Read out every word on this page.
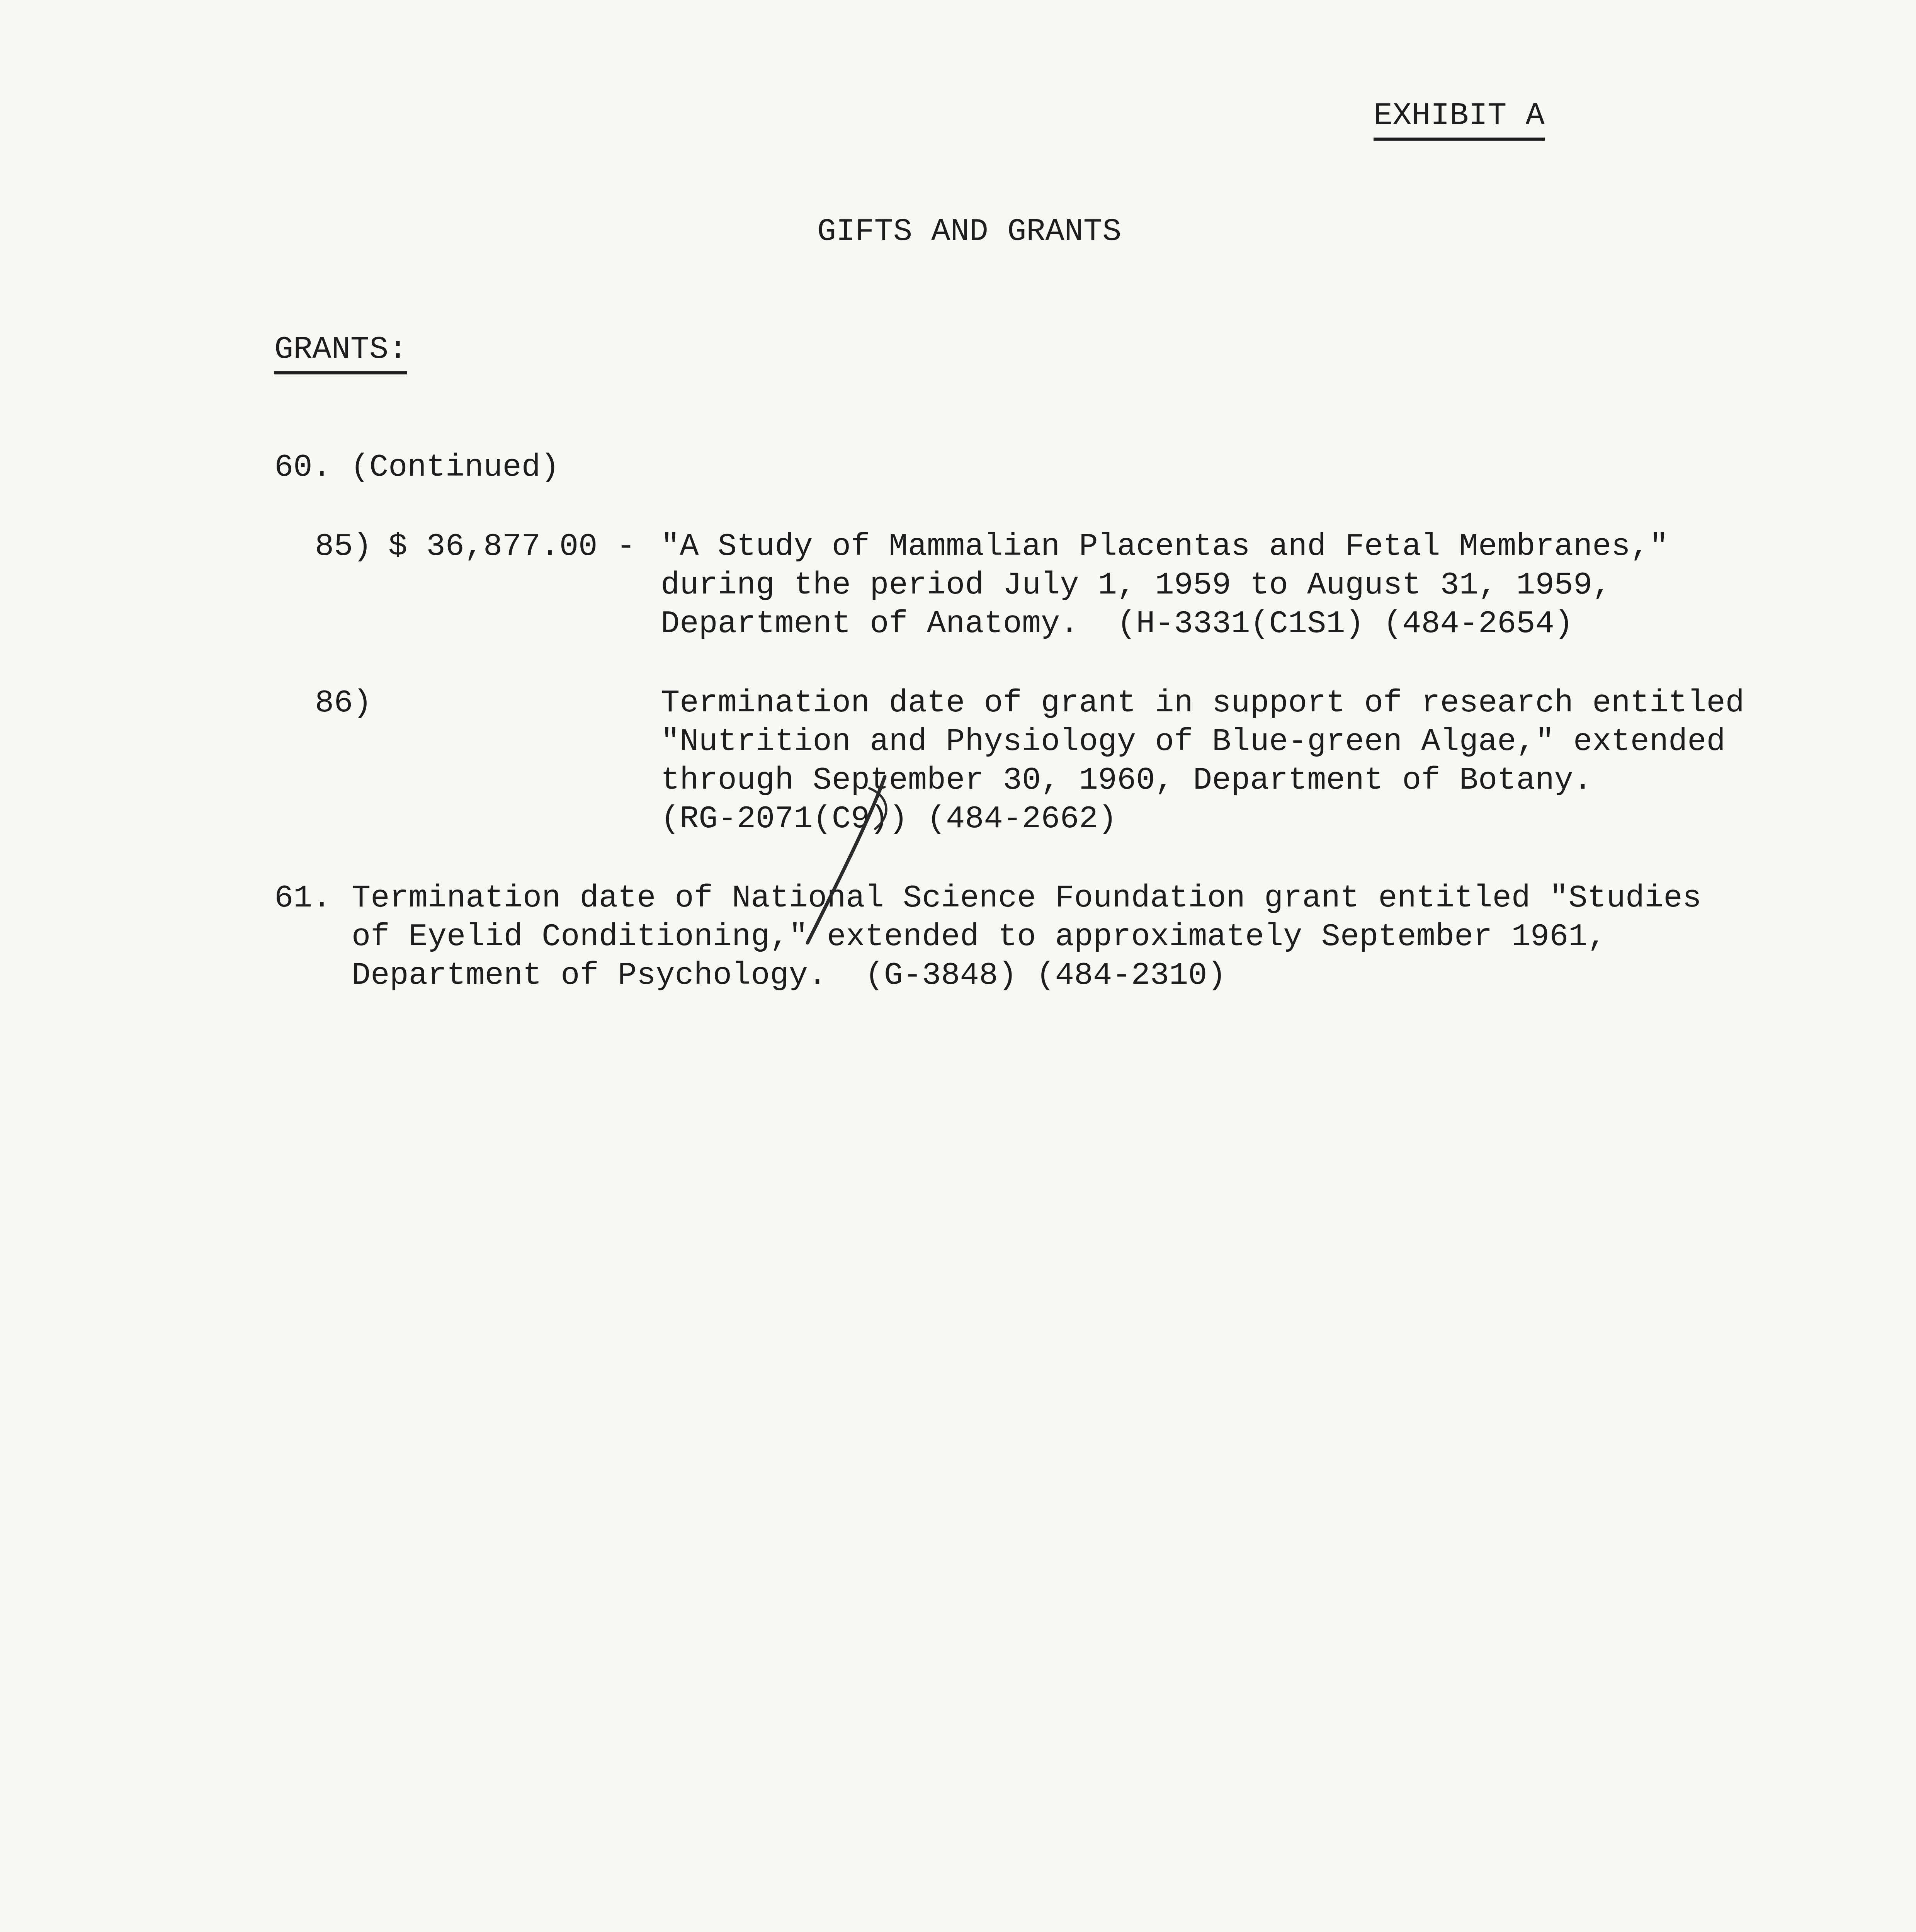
EXHIBIT A
GIFTS AND GRANTS
GRANTS:
60. (Continued)
85) $ 36,877.00 - "A Study of Mammalian Placentas and Fetal Membranes,"
during the period July 1, 1959 to August 31, 1959,
Department of Anatomy.  (H-3331(C1S1) (484-2654)
86)	Termination date of grant in support of research entitled
"Nutrition and Physiology of Blue-green Algae," extended
through September 30, 1960, Department of Botany.
(RG-2071(C9)) (484-2662)
61. Termination date of National Science Foundation grant entitled "Studies
of Eyelid Conditioning," extended to approximately September 1961,
Department of Psychology.  (G-3848) (484-2310)
